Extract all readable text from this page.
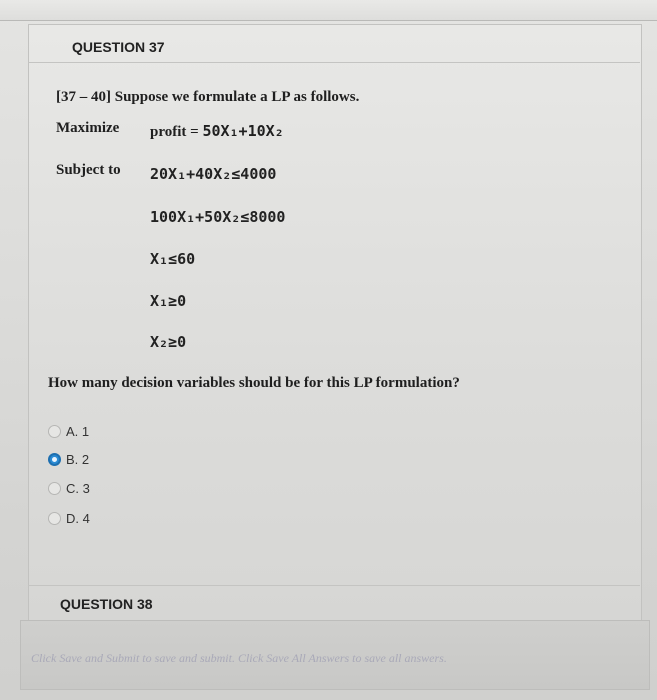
QUESTION 37
[37 – 40] Suppose we formulate a LP as follows.
Maximize profit = 50X₁+10X₂
Subject to 20X₁+40X₂≤4000
100X₁+50X₂≤8000
X₁≤60
X₁≥0
X₂≥0
How many decision variables should be for this LP formulation?
A. 1
B. 2
C. 3
D. 4
QUESTION 38
Click Save and Submit to save and submit. Click Save All Answers to save all answers.
